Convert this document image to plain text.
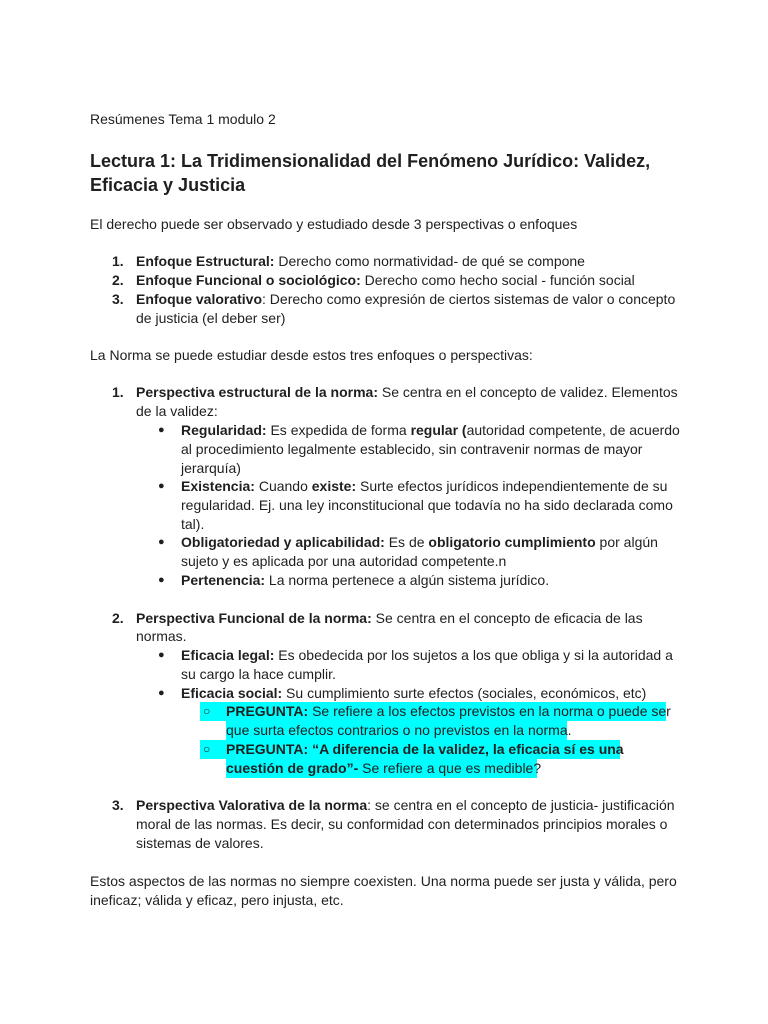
Resúmenes Tema 1 modulo 2
Lectura 1: La Tridimensionalidad del Fenómeno Jurídico: Validez,
Eficacia y Justicia
El derecho puede ser observado y estudiado desde 3 perspectivas o enfoques
1. Enfoque Estructural: Derecho como normatividad- de qué se compone
2. Enfoque Funcional o sociológico: Derecho como hecho social - función social
3. Enfoque valorativo: Derecho como expresión de ciertos sistemas de valor o concepto
de justicia (el deber ser)
La Norma se puede estudiar desde estos tres enfoques o perspectivas:
1. Perspectiva estructural de la norma: Se centra en el concepto de validez. Elementos
de la validez:
● Regularidad: Es expedida de forma regular (autoridad competente, de acuerdo
al procedimiento legalmente establecido, sin contravenir normas de mayor
jerarquía)
● Existencia: Cuando existe: Surte efectos jurídicos independientemente de su
regularidad. Ej. una ley inconstitucional que todavía no ha sido declarada como
tal).
● Obligatoriedad y aplicabilidad: Es de obligatorio cumplimiento por algún
sujeto y es aplicada por una autoridad competente.n
● Pertenencia: La norma pertenece a algún sistema jurídico.
2. Perspectiva Funcional de la norma: Se centra en el concepto de eficacia de las
normas.
● Eficacia legal: Es obedecida por los sujetos a los que obliga y si la autoridad a
su cargo la hace cumplir.
● Eficacia social: Su cumplimiento surte efectos (sociales, económicos, etc)
○ PREGUNTA: Se refiere a los efectos previstos en la norma o puede ser
que surta efectos contrarios o no previstos en la norma.
○ PREGUNTA: “A diferencia de la validez, la eficacia sí es una
cuestión de grado”- Se refiere a que es medible?
3. Perspectiva Valorativa de la norma: se centra en el concepto de justicia- justificación
moral de las normas. Es decir, su conformidad con determinados principios morales o
sistemas de valores.
Estos aspectos de las normas no siempre coexisten. Una norma puede ser justa y válida, pero
ineficaz; válida y eficaz, pero injusta, etc.
